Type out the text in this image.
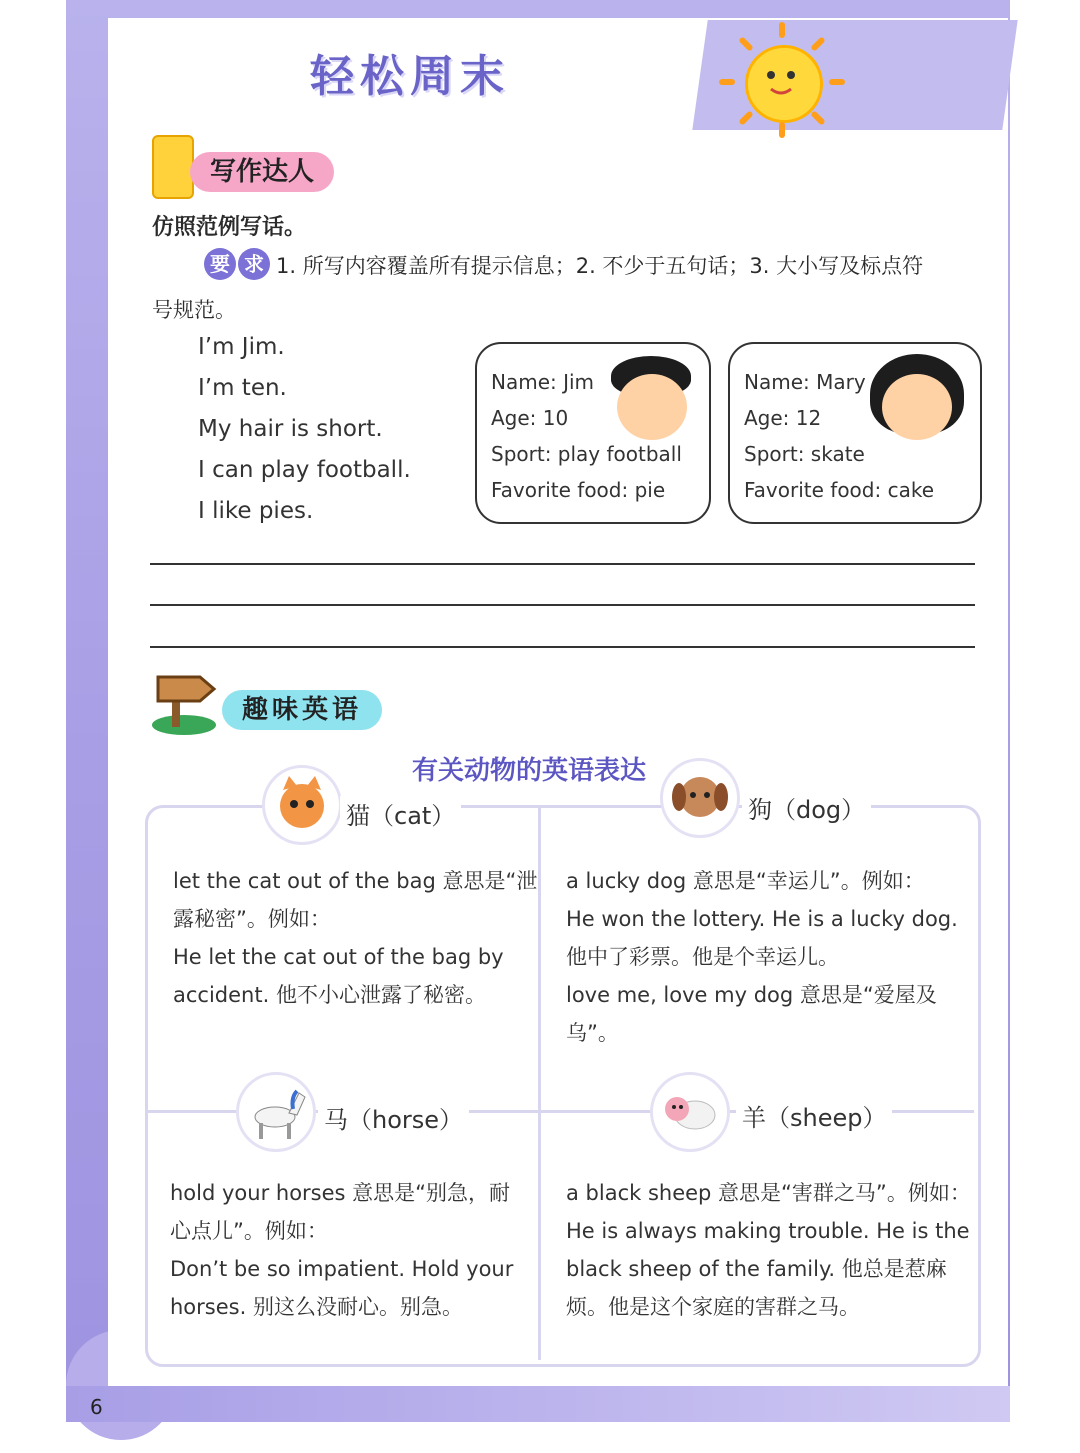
轻松周末
写作达人
仿照范例写话。
要 求 1. 所写内容覆盖所有提示信息；2. 不少于五句话；3. 大小写及标点符
号规范。
I’m Jim.
I’m ten.
My hair is short.
I can play football.
I like pies.
Name: Jim
Age: 10
Sport: play football
Favorite food: pie
Name: Mary
Age: 12
Sport: skate
Favorite food: cake
趣味英语
有关动物的英语表达
猫（cat）
let the cat out of the bag 意思是“泄
露秘密”。例如：
He let the cat out of the bag by
accident. 他不小心泄露了秘密。
狗（dog）
a lucky dog 意思是“幸运儿”。例如：
He won the lottery. He is a lucky dog.
他中了彩票。他是个幸运儿。
love me, love my dog 意思是“爱屋及
乌”。
马（horse）
hold your horses 意思是“别急，耐
心点儿”。例如：
Don’t be so impatient. Hold your
horses. 别这么没耐心。别急。
羊（sheep）
a black sheep 意思是“害群之马”。例如：
He is always making trouble. He is the
black sheep of the family. 他总是惹麻
烦。他是这个家庭的害群之马。
6
